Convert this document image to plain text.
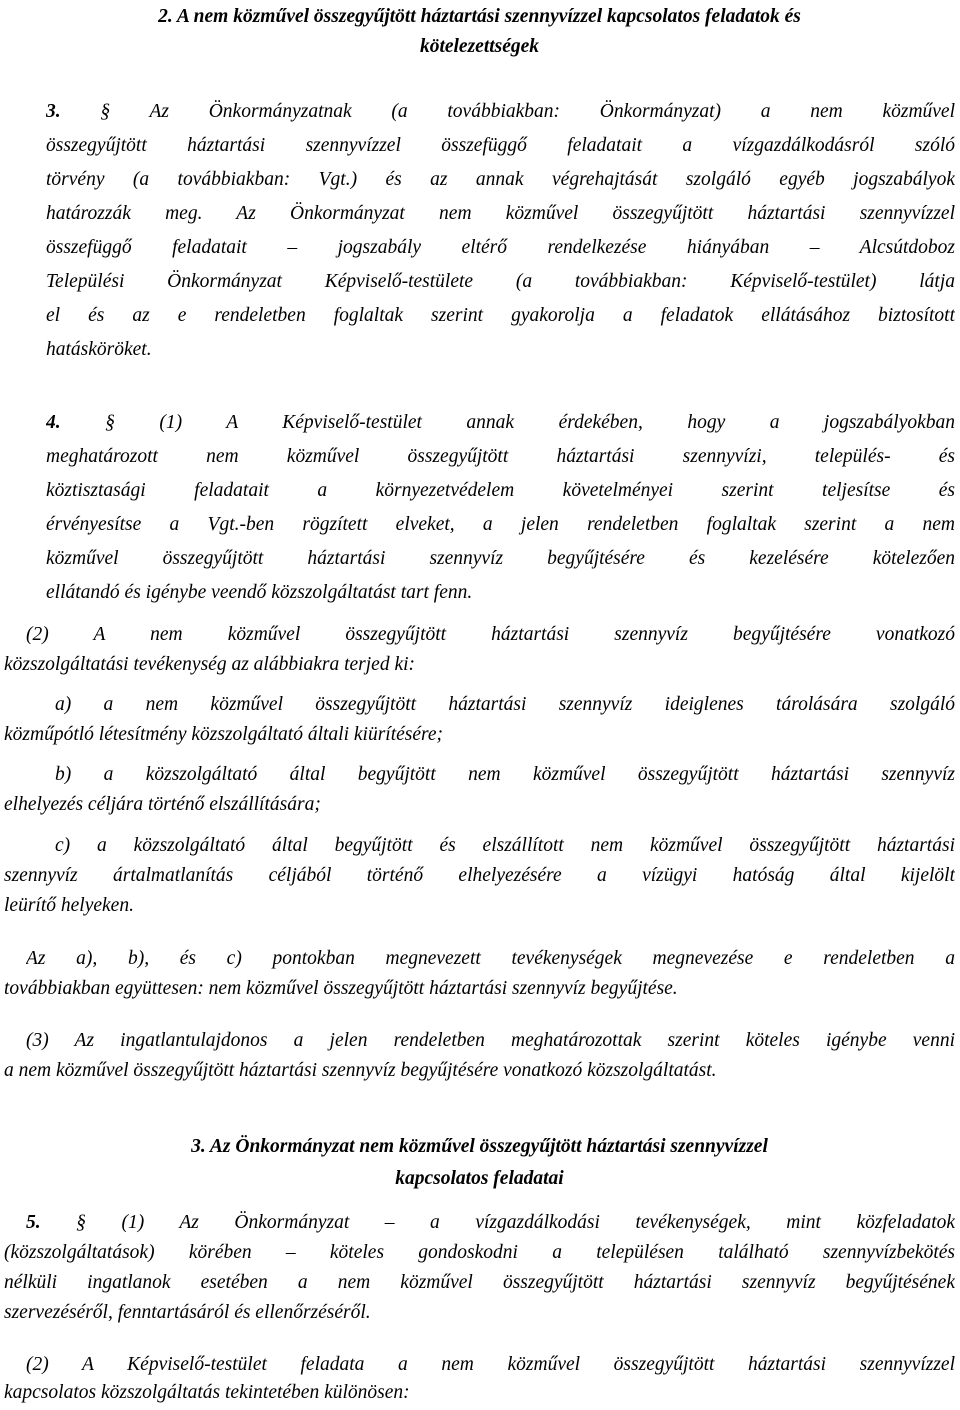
2. A nem közművel összegyűjtött háztartási szennyvízzel kapcsolatos feladatok és
kötelezettségek
3. § Az Önkormányzatnak (a továbbiakban: Önkormányzat) a nem közművel
összegyűjtött háztartási szennyvízzel összefüggő feladatait a vízgazdálkodásról szóló
törvény (a továbbiakban: Vgt.) és az annak végrehajtását szolgáló egyéb jogszabályok
határozzák meg. Az Önkormányzat nem közművel összegyűjtött háztartási szennyvízzel
összefüggő feladatait – jogszabály eltérő rendelkezése hiányában – Alcsútdoboz
Települési Önkormányzat Képviselő-testülete (a továbbiakban: Képviselő-testület) látja
el és az e rendeletben foglaltak szerint gyakorolja a feladatok ellátásához biztosított
hatásköröket.
4. § (1) A Képviselő-testület annak érdekében, hogy a jogszabályokban
meghatározott nem közművel összegyűjtött háztartási szennyvízi, település- és
köztisztasági feladatait a környezetvédelem követelményei szerint teljesítse és
érvényesítse a Vgt.-ben rögzített elveket, a jelen rendeletben foglaltak szerint a nem
közművel összegyűjtött háztartási szennyvíz begyűjtésére és kezelésére kötelezően
ellátandó és igénybe veendő közszolgáltatást tart fenn.
(2) A nem közművel összegyűjtött háztartási szennyvíz begyűjtésére vonatkozó
közszolgáltatási tevékenység az alábbiakra terjed ki:
a) a nem közművel összegyűjtött háztartási szennyvíz ideiglenes tárolására szolgáló
közműpótló létesítmény közszolgáltató általi kiürítésére;
b) a közszolgáltató által begyűjtött nem közművel összegyűjtött háztartási szennyvíz
elhelyezés céljára történő elszállítására;
c) a közszolgáltató által begyűjtött és elszállított nem közművel összegyűjtött háztartási
szennyvíz ártalmatlanítás céljából történő elhelyezésére a vízügyi hatóság által kijelölt
leürítő helyeken.
Az a), b), és c) pontokban megnevezett tevékenységek megnevezése e rendeletben a
továbbiakban együttesen: nem közművel összegyűjtött háztartási szennyvíz begyűjtése.
(3) Az ingatlantulajdonos a jelen rendeletben meghatározottak szerint köteles igénybe venni
a nem közművel összegyűjtött háztartási szennyvíz begyűjtésére vonatkozó közszolgáltatást.
3. Az Önkormányzat nem közművel összegyűjtött háztartási szennyvízzel
kapcsolatos feladatai
5. § (1) Az Önkormányzat – a vízgazdálkodási tevékenységek, mint közfeladatok
(közszolgáltatások) körében – köteles gondoskodni a településen található szennyvízbekötés
nélküli ingatlanok esetében a nem közművel összegyűjtött háztartási szennyvíz begyűjtésének
szervezéséről, fenntartásáról és ellenőrzéséről.
(2) A Képviselő-testület feladata a nem közművel összegyűjtött háztartási szennyvízzel
kapcsolatos közszolgáltatás tekintetében különösen:
